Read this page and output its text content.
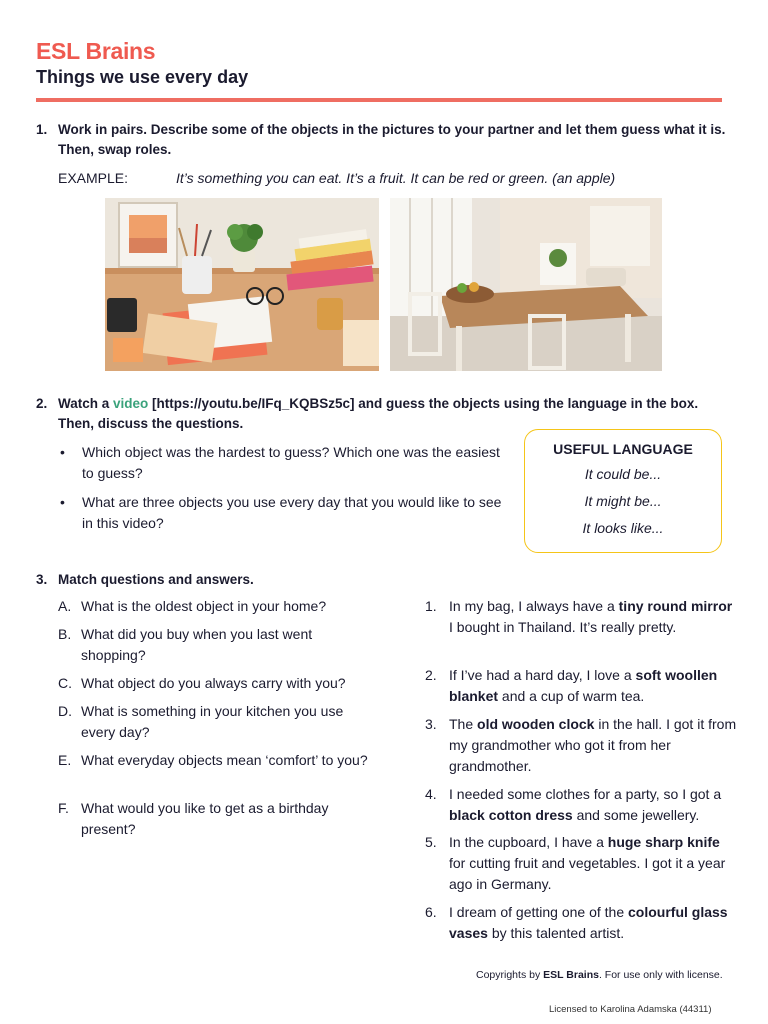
ESL Brains
Things we use every day
1. Work in pairs. Describe some of the objects in the pictures to your partner and let them guess what it is. Then, swap roles.
EXAMPLE:	It’s something you can eat. It’s a fruit. It can be red or green. (an apple)
2. Watch a video [https://youtu.be/IFq_KQBSz5c] and guess the objects using the language in the box. Then, discuss the questions.
• Which object was the hardest to guess? Which one was the easiest to guess?
• What are three objects you use every day that you would like to see in this video?
USEFUL LANGUAGE
It could be...
It might be...
It looks like...
3. Match questions and answers.
A. What is the oldest object in your home?
B. What did you buy when you last went shopping?
C. What object do you always carry with you?
D. What is something in your kitchen you use every day?
E. What everyday objects mean ‘comfort’ to you?
F. What would you like to get as a birthday present?
1. In my bag, I always have a tiny round mirror I bought in Thailand. It’s really pretty.
2. If I’ve had a hard day, I love a soft woollen blanket and a cup of warm tea.
3. The old wooden clock in the hall. I got it from my grandmother who got it from her grandmother.
4. I needed some clothes for a party, so I got a black cotton dress and some jewellery.
5. In the cupboard, I have a huge sharp knife for cutting fruit and vegetables. I got it a year ago in Germany.
6. I dream of getting one of the colourful glass vases by this talented artist.
Copyrights by ESL Brains. For use only with license.
Licensed to Karolina Adamska (44311)
